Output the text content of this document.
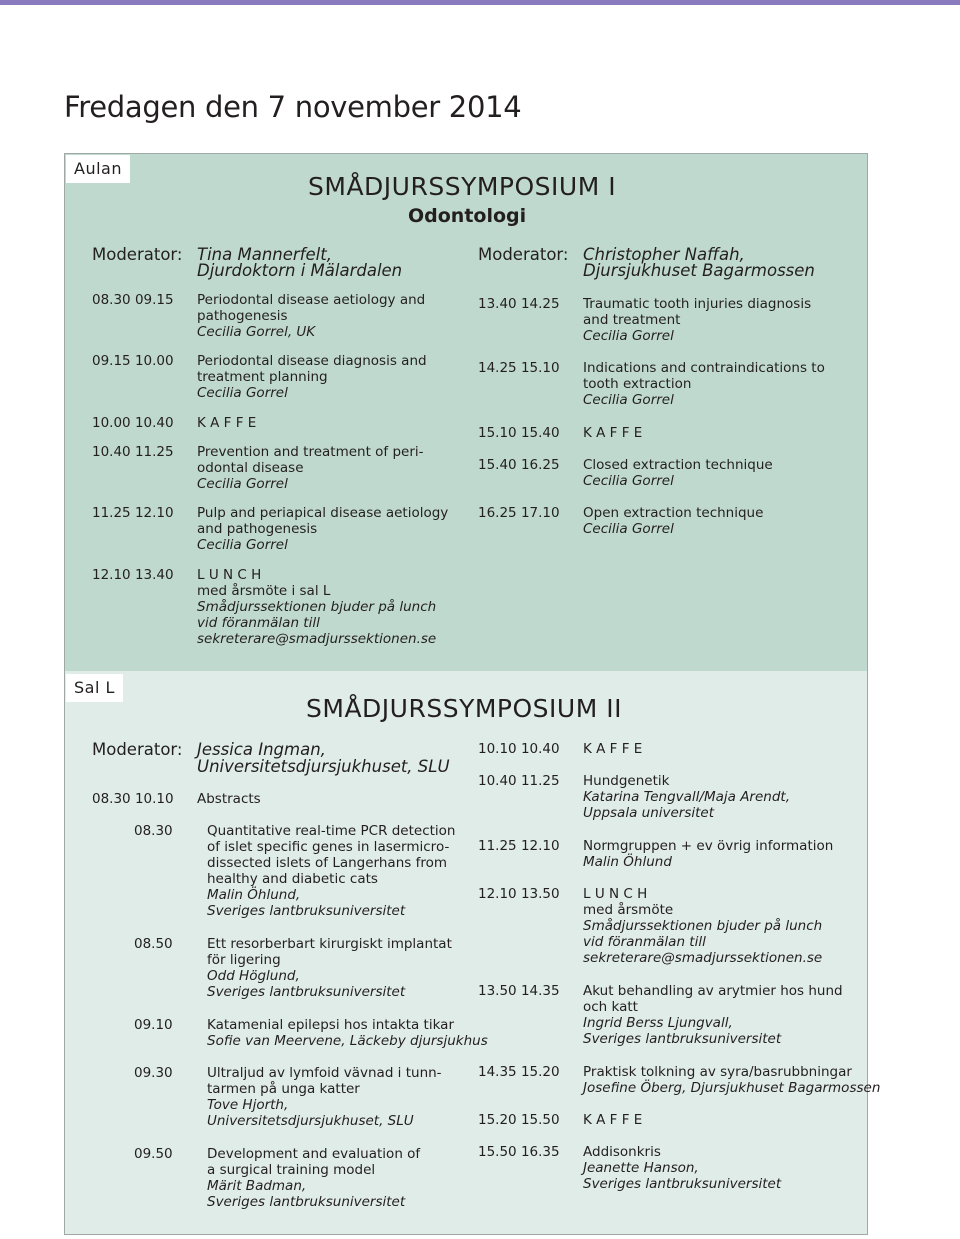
Fredagen den 7 november 2014
Aulan
SMÅDJURSSYMPOSIUM I
Odontologi
Moderator: Tina Mannerfelt,
Djurdoktorn i Mälardalen
08.30 09.15 Periodontal disease aetiology and
pathogenesis
Cecilia Gorrel, UK
09.15 10.00 Periodontal disease diagnosis and
treatment planning
Cecilia Gorrel
10.00 10.40 K A F F E
10.40 11.25 Prevention and treatment of peri-
odontal disease
Cecilia Gorrel
11.25 12.10 Pulp and periapical disease aetiology
and pathogenesis
Cecilia Gorrel
12.10 13.40 L U N C H
med årsmöte i sal L
Smådjurssektionen bjuder på lunch
vid föranmälan till
sekreterare@smadjurssektionen.se
Moderator: Christopher Naffah,
Djursjukhuset Bagarmossen
13.40 14.25 Traumatic tooth injuries diagnosis
and treatment
Cecilia Gorrel
14.25 15.10 Indications and contraindications to
tooth extraction
Cecilia Gorrel
15.10 15.40 K A F F E
15.40 16.25 Closed extraction technique
Cecilia Gorrel
16.25 17.10 Open extraction technique
Cecilia Gorrel
Sal L
SMÅDJURSSYMPOSIUM II
Moderator: Jessica Ingman,
Universitetsdjursjukhuset, SLU
08.30 10.10 Abstracts
08.30	Quantitative real-time PCR detection
of islet specific genes in lasermicro-
dissected islets of Langerhans from
healthy and diabetic cats
Malin Öhlund,
Sveriges lantbruksuniversitet
08.50	Ett resorberbart kirurgiskt implantat
för ligering
Odd Höglund,
Sveriges lantbruksuniversitet
09.10	Katamenial epilepsi hos intakta tikar
Sofie van Meervene, Läckeby djursjukhus
09.30	Ultraljud av lymfoid vävnad i tunn-
tarmen på unga katter
Tove Hjorth,
Universitetsdjursjukhuset, SLU
09.50	Development and evaluation of
a surgical training model
Märit Badman,
Sveriges lantbruksuniversitet
10.10 10.40 K A F F E
10.40 11.25 Hundgenetik
Katarina Tengvall/Maja Arendt,
Uppsala universitet
11.25 12.10 Normgruppen + ev övrig information
Malin Öhlund
12.10 13.50 L U N C H
med årsmöte
Smådjurssektionen bjuder på lunch
vid föranmälan till
sekreterare@smadjurssektionen.se
13.50 14.35 Akut behandling av arytmier hos hund
och katt
Ingrid Berss Ljungvall,
Sveriges lantbruksuniversitet
14.35 15.20 Praktisk tolkning av syra/basrubbningar
Josefine Öberg, Djursjukhuset Bagarmossen
15.20 15.50 K A F F E
15.50 16.35 Addisonkris
Jeanette Hanson,
Sveriges lantbruksuniversitet
